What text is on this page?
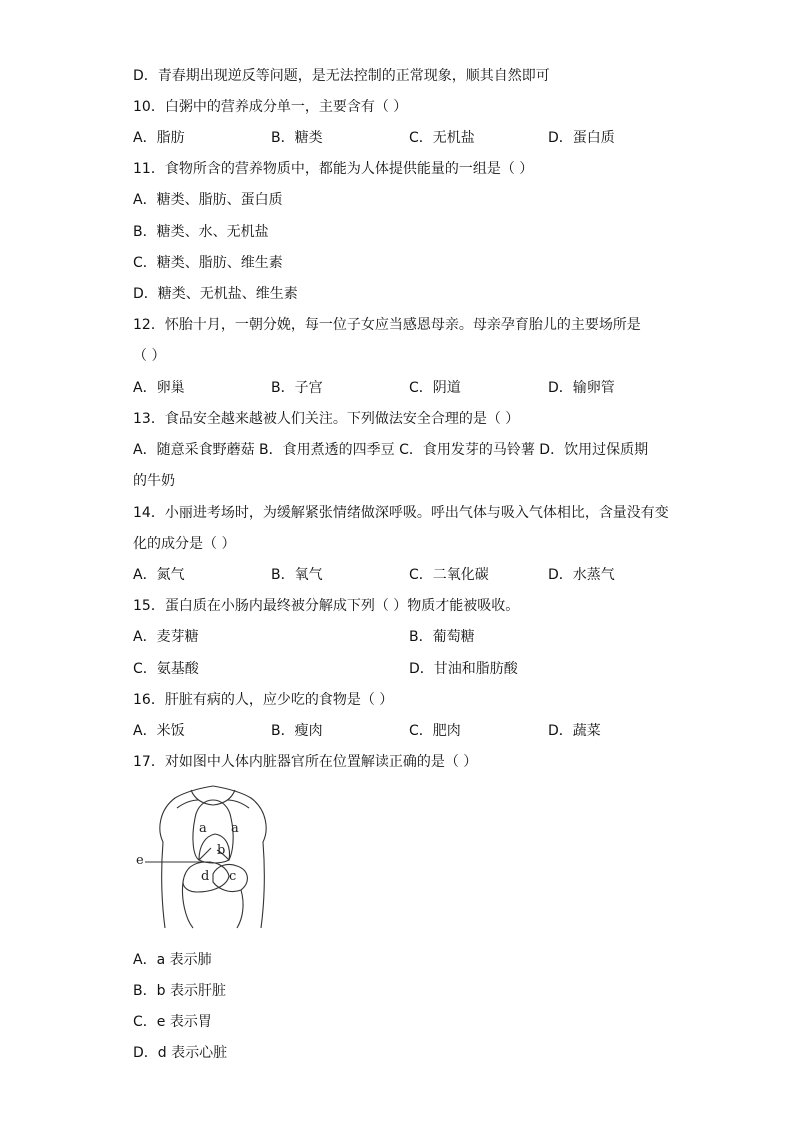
D．青春期出现逆反等问题，是无法控制的正常现象，顺其自然即可
10．白粥中的营养成分单一，主要含有（ ）
A．脂肪	B．糖类	C．无机盐	D．蛋白质
11．食物所含的营养物质中，都能为人体提供能量的一组是（ ）
A．糖类、脂肪、蛋白质
B．糖类、水、无机盐
C．糖类、脂肪、维生素
D．糖类、无机盐、维生素
12．怀胎十月，一朝分娩，每一位子女应当感恩母亲。母亲孕育胎儿的主要场所是
（ ）
A．卵巢	B．子宫	C．阴道	D．输卵管
13．食品安全越来越被人们关注。下列做法安全合理的是（ ）
A．随意采食野蘑菇 B．食用煮透的四季豆 C．食用发芽的马铃薯 D．饮用过保质期
的牛奶
14．小丽进考场时，为缓解紧张情绪做深呼吸。呼出气体与吸入气体相比，含量没有变
化的成分是（ ）
A．氮气	B．氧气	C．二氧化碳	D．水蒸气
15．蛋白质在小肠内最终被分解成下列（ ）物质才能被吸收。
A．麦芽糖	B．葡萄糖
C．氨基酸	D．甘油和脂肪酸
16．肝脏有病的人，应少吃的食物是（ ）
A．米饭	B．瘦肉	C．肥肉	D．蔬菜
17．对如图中人体内脏器官所在位置解读正确的是（ ）
a a
b
d c
e
A．a 表示肺
B．b 表示肝脏
C．e 表示胃
D．d 表示心脏
